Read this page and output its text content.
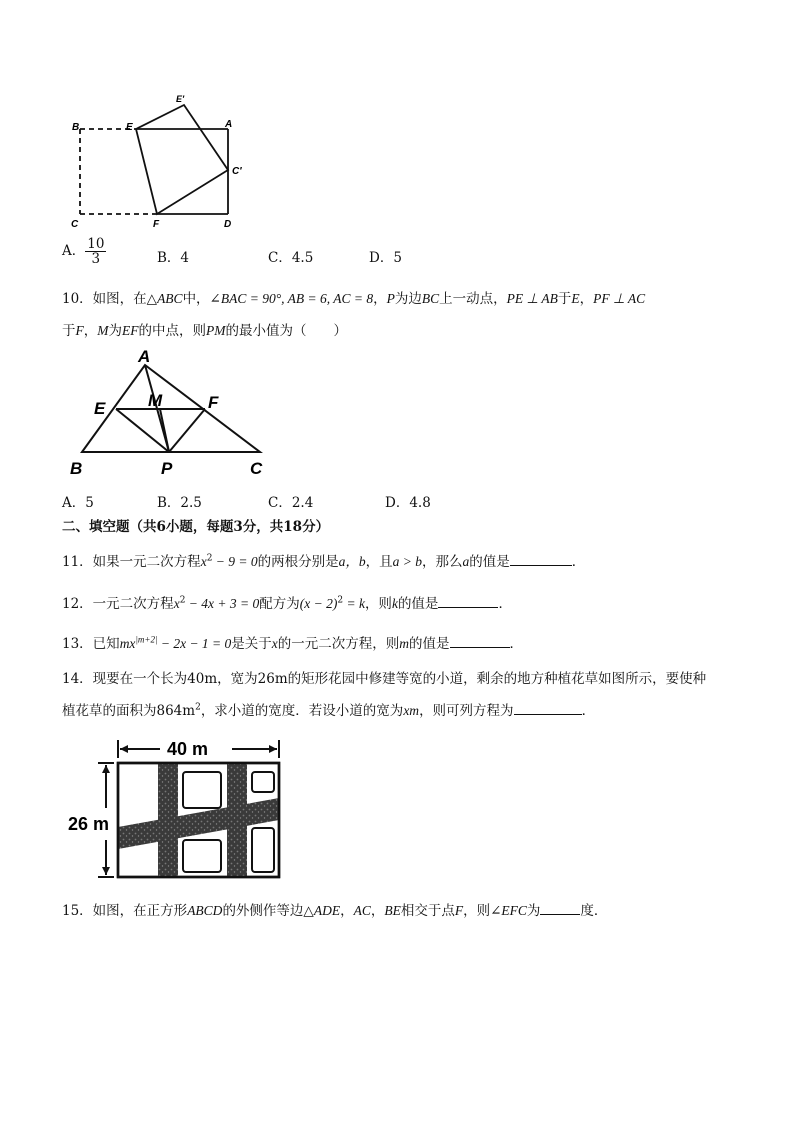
B	E
E′
A
C′
C	F	D
A． $\frac{10}{3}$	B．4	C．4.5	D．5
10．如图，在△ABC中，∠BAC = 90°, AB = 6, AC = 8，P为边BC上一动点，PE ⊥ AB于E，PF ⊥ AC
于F，M为EF的中点，则PM的最小值为（　　）
A
E	M	F
B	P	C
A．5	B．2.5	C．2.4	D．4.8
二、填空题（共6小题，每题3分，共18分）
11．如果一元二次方程$x^2 - 9 = 0$的两根分别是a，b，且a > b，那么a的值是	．
12．一元二次方程$x^2 - 4x + 3 = 0$配方为$(x - 2)^2 = k$，则k的值是	．
13．已知$mx^{|m+2|} - 2x - 1 = 0$是关于x的一元二次方程，则m的值是	．
14．现要在一个长为40m，宽为26m的矩形花园中修建等宽的小道，剩余的地方种植花草如图所示，要使种
植花草的面积为$864m^2$，求小道的宽度．若设小道的宽为xm，则可列方程为	．
40 m
26 m
15．如图，在正方形ABCD的外侧作等边△ADE，AC，BE相交于点F，则∠EFC为	度．
